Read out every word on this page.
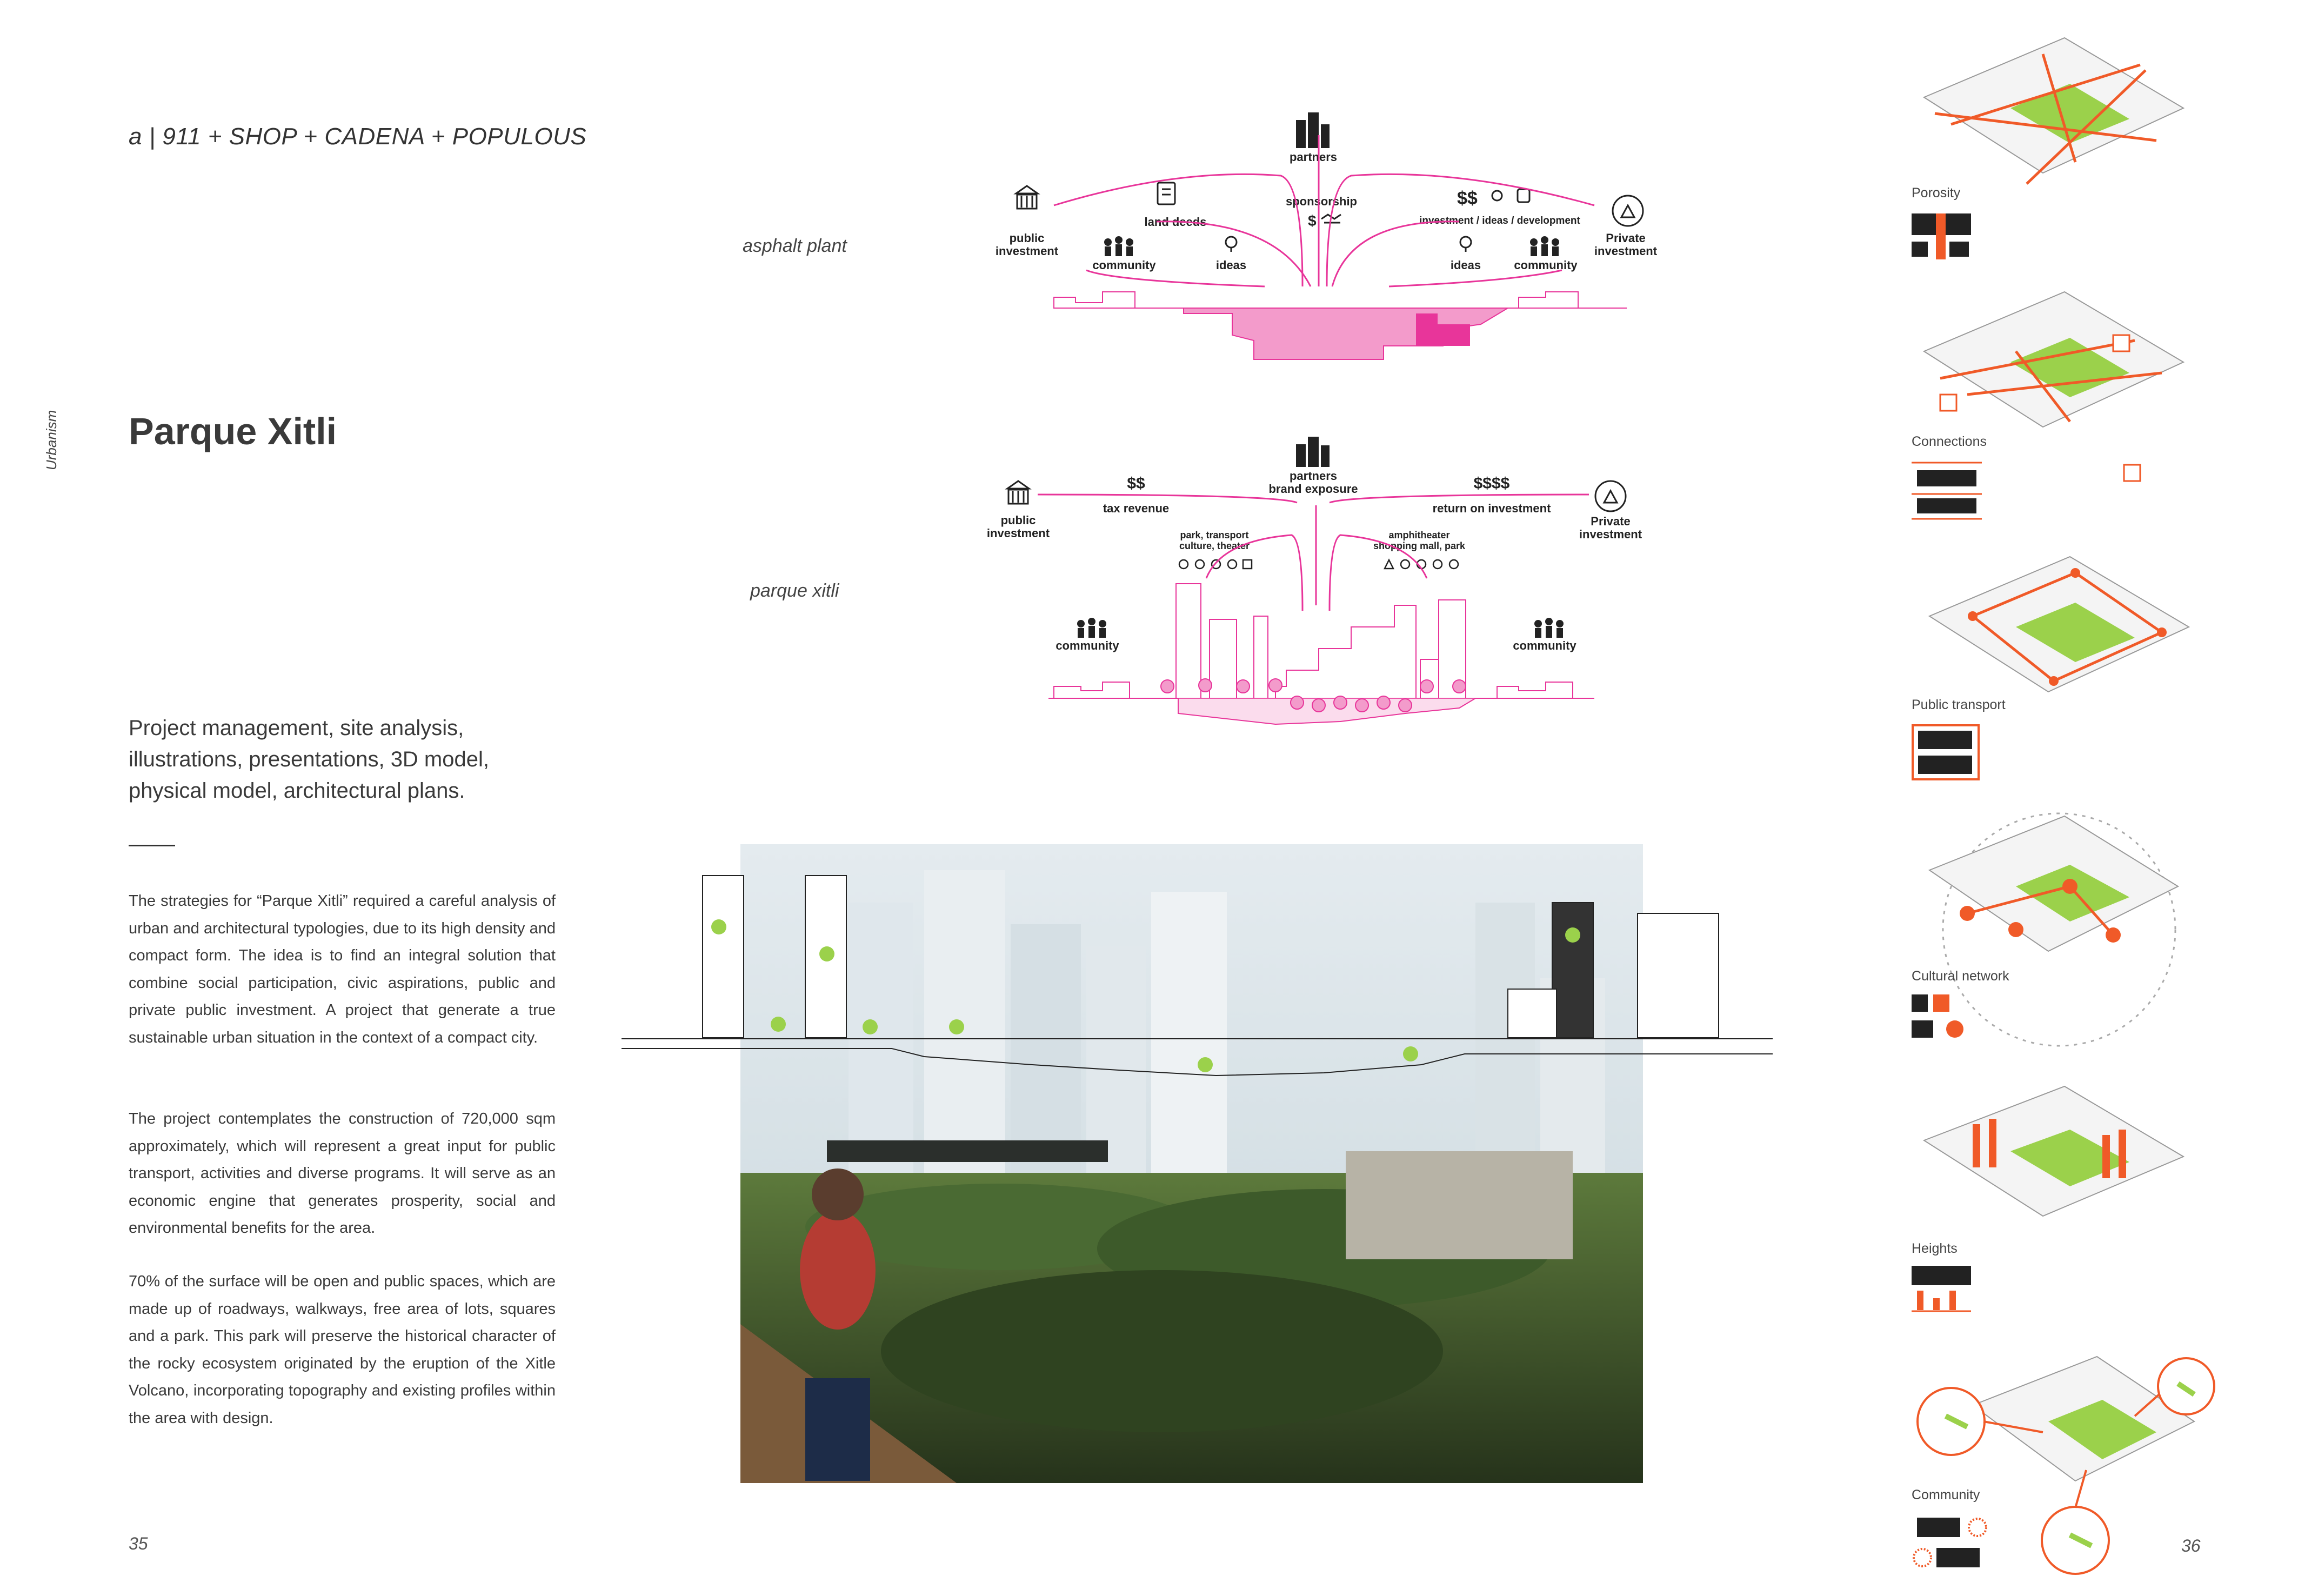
a | 911 + SHOP + CADENA + POPULOUS
Urbanism Parque Xitli
Project management, site analysis, illustrations, presentations, 3D model, physical model, architectural plans.

The strategies for “Parque Xitli” required a careful analysis of urban and architectural typologies, due to its high density and compact form. The idea is to find an integral solution that combine social participation, civic aspirations, public and private public investment. A project that generate a true sustainable urban situation in the context of a compact city.

The project contemplates the construction of 720,000 sqm approximately, which will represent a great input for public transport, activities and diverse programs. It will serve as an economic engine that generates prosperity, social and environmental benefits for the area.

70% of the surface will be open and public spaces, which are made up of roadways, walkways, free area of lots, squares and a park. This park will preserve the historical character of the rocky ecosystem originated by the eruption of the Xitle Volcano, incorporating topography and existing profiles within the area with design.

35
asphalt plant
parque xitli
partners
sponsorship
$
public
investment
land deeds
community	ideas
$$
investment / ideas / development
Private
investment
ideas	community
partners
brand exposure
public
investment
$$
tax revenue
$$$$
return on investment
Private
investment
park, transport
culture, theater
amphitheater
shopping mall, park
community	community
Porosity
Connections
Public transport
Cultural network
Heights
Community
36
